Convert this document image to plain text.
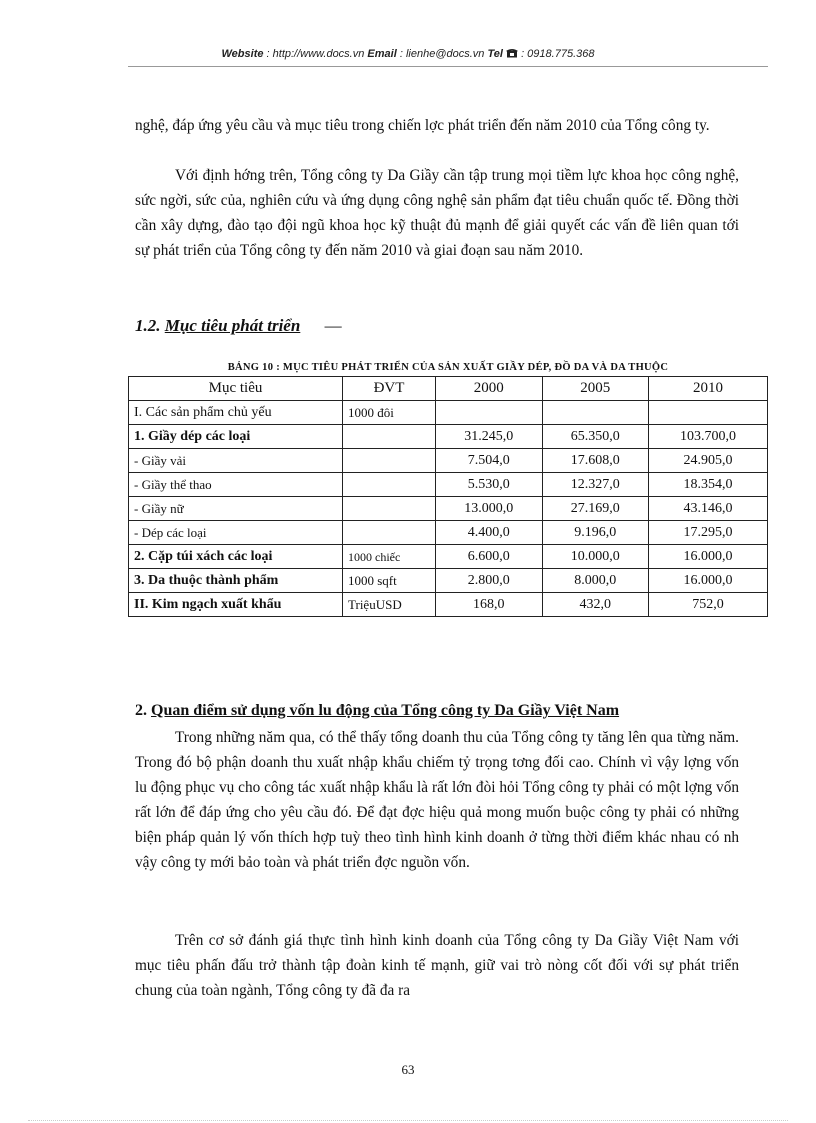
Website : http://www.docs.vn Email : lienhe@docs.vn Tel  : 0918.775.368

nghệ, đáp ứng yêu cầu và mục tiêu trong chiến lợc phát triển đến năm 2010 của Tổng công ty.

Với định hớng trên, Tổng công ty Da Giầy cần tập trung mọi tiềm lực khoa học công nghệ, sức ngời, sức của, nghiên cứu và ứng dụng công nghệ sản phẩm đạt tiêu chuẩn quốc tế. Đồng thời cần xây dựng, đào tạo đội ngũ khoa học kỹ thuật đủ mạnh để giải quyết các vấn đề liên quan tới sự phát triển của Tổng công ty đến năm 2010 và giai đoạn sau năm 2010.

1.2. Mục tiêu phát triển —
BẢNG 10 : MỤC TIÊU PHÁT TRIỂN CỦA SẢN XUẤT GIẦY DÉP, ĐỒ DA VÀ DA THUỘC
Mục tiêu	ĐVT	2000	2005	2010
I. Các sản phẩm chủ yếu	1000 đôi			
1. Giầy dép các loại		31.245,0	65.350,0	103.700,0
- Giầy vải		7.504,0	17.608,0	24.905,0
- Giầy thể thao		5.530,0	12.327,0	18.354,0
- Giầy nữ		13.000,0	27.169,0	43.146,0
- Dép các loại		4.400,0	9.196,0	17.295,0
2. Cặp túi xách các loại	1000 chiếc	6.600,0	10.000,0	16.000,0
3. Da thuộc thành phẩm	1000 sqft	2.800,0	8.000,0	16.000,0
II. Kim ngạch xuất khẩu	TriệuUSD	168,0	432,0	752,0
2. Quan điểm sử dụng vốn lu động của Tổng công ty Da Giầy Việt Nam

Trong những năm qua, có thể thấy tổng doanh thu của Tổng công ty tăng lên qua từng năm. Trong đó bộ phận doanh thu xuất nhập khẩu chiếm tỷ trọng tơng đối cao. Chính vì vậy lợng vốn lu động phục vụ cho công tác xuất nhập khẩu là rất lớn đòi hỏi Tổng công ty phải có một lợng vốn rất lớn để đáp ứng cho yêu cầu đó. Để đạt đợc hiệu quả mong muốn buộc công ty phải có những biện pháp quản lý vốn thích hợp tuỳ theo tình hình kinh doanh ở từng thời điểm khác nhau có nh vậy công ty mới bảo toàn và phát triển đợc nguồn vốn.

Trên cơ sở đánh giá thực tình hình kinh doanh của Tổng công ty Da Giầy Việt Nam với mục tiêu phấn đấu trở thành tập đoàn kinh tế mạnh, giữ vai trò nòng cốt đối với sự phát triển chung của toàn ngành, Tổng công ty đã đa ra

63
